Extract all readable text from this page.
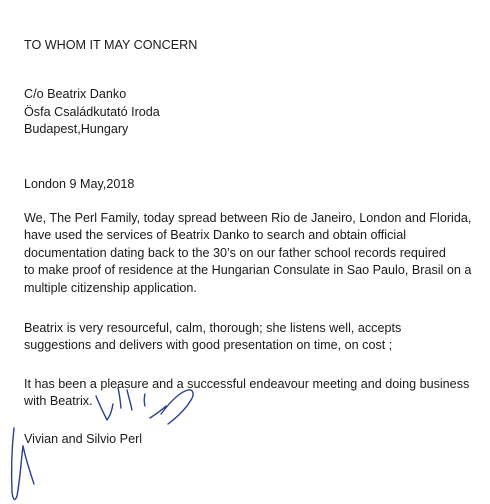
TO WHOM IT MAY CONCERN
C/o Beatrix Danko
Ösfa Családkutató Iroda
Budapest,Hungary
London 9 May,2018
We, The Perl Family, today spread between Rio de Janeiro, London and Florida,
have used the services of Beatrix Danko to search and obtain official
documentation dating back to the 30’s on our father school records required
to make proof of residence at the Hungarian Consulate in Sao Paulo, Brasil on a
multiple citizenship application.
Beatrix is very resourceful, calm, thorough; she listens well, accepts
suggestions and delivers with good presentation on time, on cost ;
It has been a pleasure and a successful endeavour meeting and doing business
with Beatrix.
Vivian and Silvio Perl
